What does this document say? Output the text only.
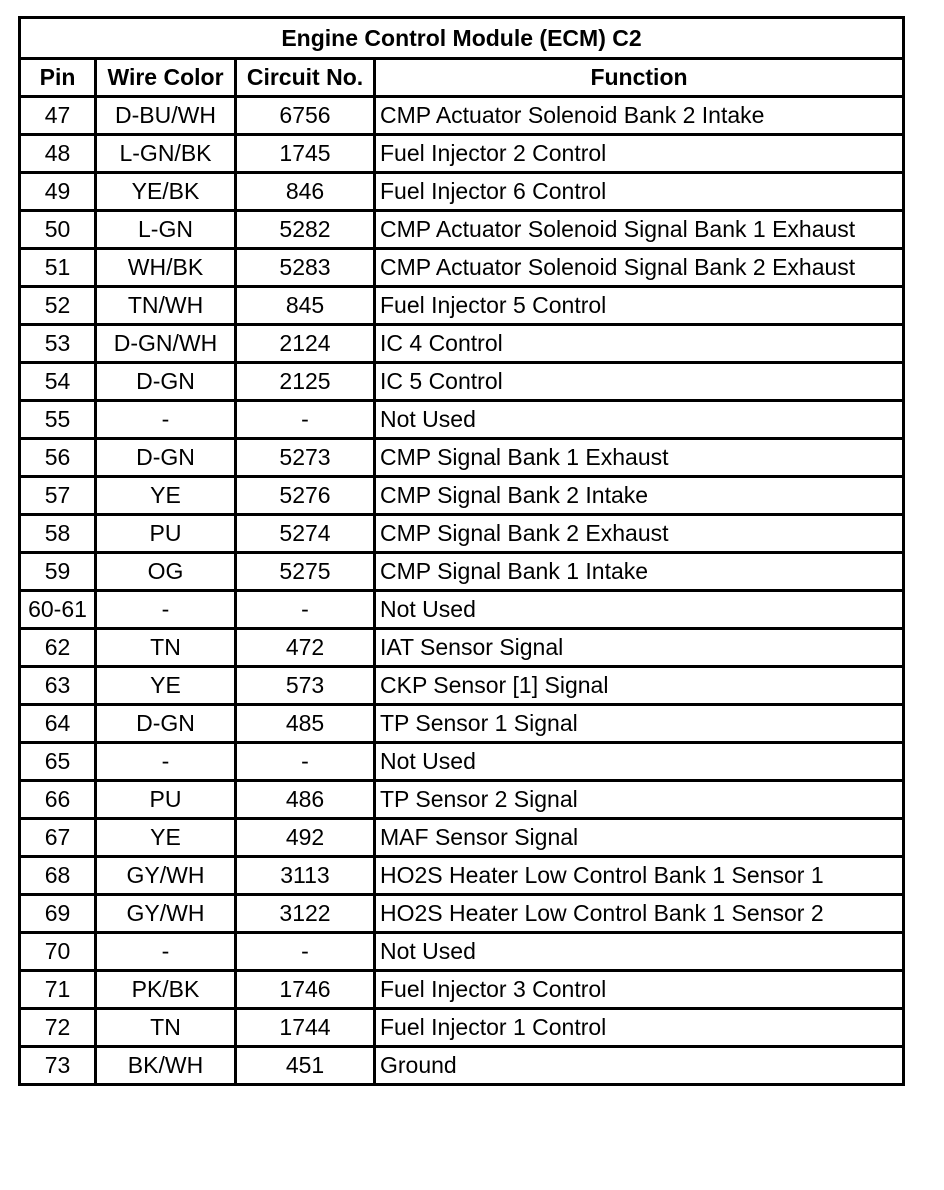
Engine Control Module (ECM) C2			
Pin	Wire Color	Circuit No.	Function
47	D-BU/WH	6756	CMP Actuator Solenoid Bank 2 Intake
48	L-GN/BK	1745	Fuel Injector 2 Control
49	YE/BK	846	Fuel Injector 6 Control
50	L-GN	5282	CMP Actuator Solenoid Signal Bank 1 Exhaust
51	WH/BK	5283	CMP Actuator Solenoid Signal Bank 2 Exhaust
52	TN/WH	845	Fuel Injector 5 Control
53	D-GN/WH	2124	IC 4 Control
54	D-GN	2125	IC 5 Control
55	-	-	Not Used
56	D-GN	5273	CMP Signal Bank 1 Exhaust
57	YE	5276	CMP Signal Bank 2 Intake
58	PU	5274	CMP Signal Bank 2 Exhaust
59	OG	5275	CMP Signal Bank 1 Intake
60-61	-	-	Not Used
62	TN	472	IAT Sensor Signal
63	YE	573	CKP Sensor [1] Signal
64	D-GN	485	TP Sensor 1 Signal
65	-	-	Not Used
66	PU	486	TP Sensor 2 Signal
67	YE	492	MAF Sensor Signal
68	GY/WH	3113	HO2S Heater Low Control Bank 1 Sensor 1
69	GY/WH	3122	HO2S Heater Low Control Bank 1 Sensor 2
70	-	-	Not Used
71	PK/BK	1746	Fuel Injector 3 Control
72	TN	1744	Fuel Injector 1 Control
73	BK/WH	451	Ground
